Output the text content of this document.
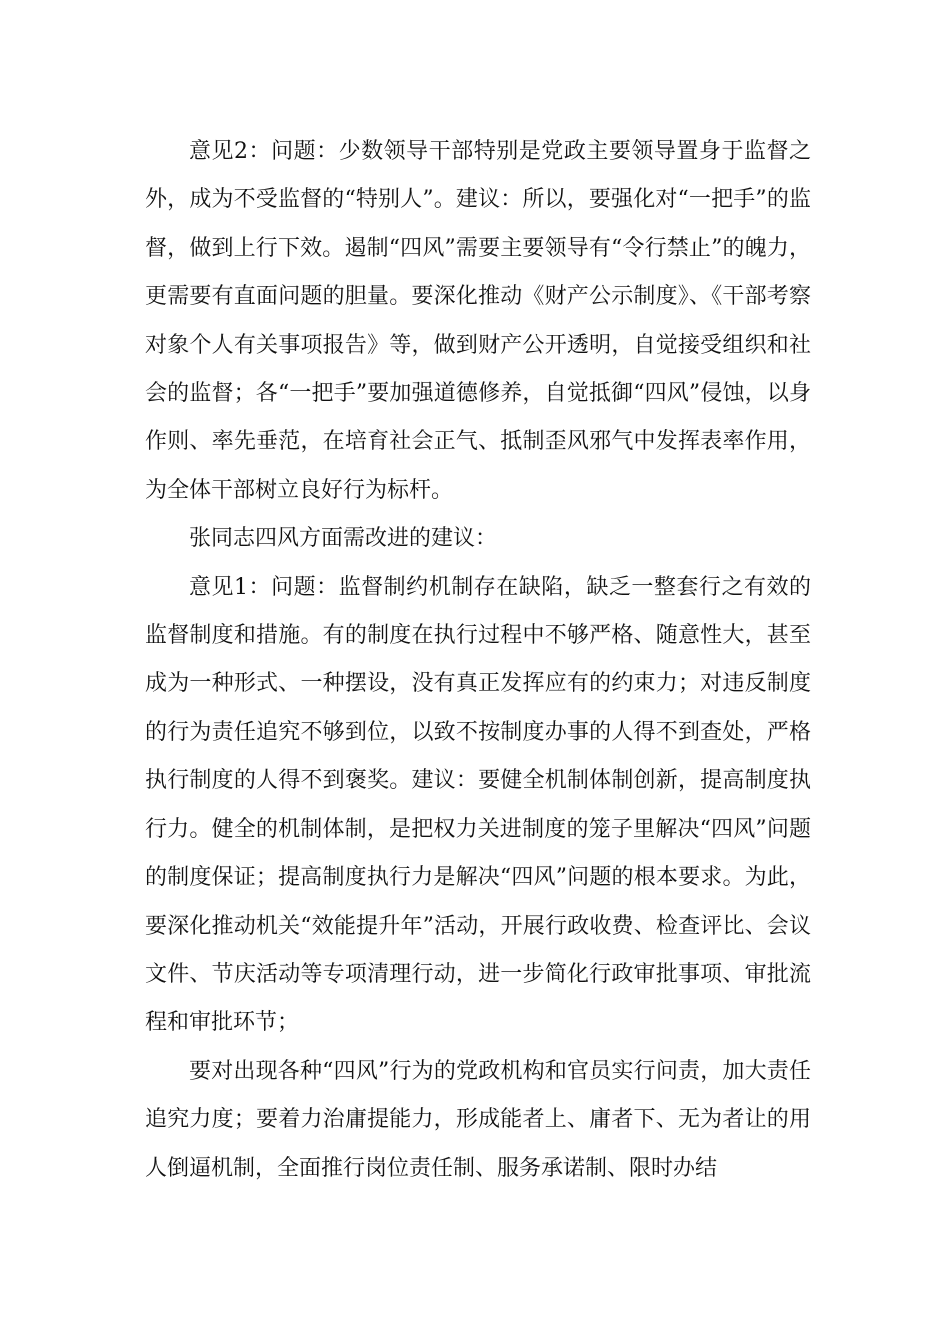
意见2：问题：少数领导干部特别是党政主要领导置身于监督之外，成为不受监督的“特别人”。建议：所以，要强化对“一把手”的监督，做到上行下效。遏制“四风”需要主要领导有“令行禁止”的魄力，更需要有直面问题的胆量。要深化推动《财产公示制度》、《干部考察对象个人有关事项报告》等，做到财产公开透明，自觉接受组织和社会的监督；各“一把手”要加强道德修养，自觉抵御“四风”侵蚀，以身作则、率先垂范，在培育社会正气、抵制歪风邪气中发挥表率作用，为全体干部树立良好行为标杆。

张同志四风方面需改进的建议：

意见1：问题：监督制约机制存在缺陷，缺乏一整套行之有效的监督制度和措施。有的制度在执行过程中不够严格、随意性大，甚至成为一种形式、一种摆设，没有真正发挥应有的约束力；对违反制度的行为责任追究不够到位，以致不按制度办事的人得不到查处，严格执行制度的人得不到褒奖。建议：要健全机制体制创新，提高制度执行力。健全的机制体制，是把权力关进制度的笼子里解决“四风”问题的制度保证；提高制度执行力是解决“四风”问题的根本要求。为此，要深化推动机关“效能提升年”活动，开展行政收费、检查评比、会议文件、节庆活动等专项清理行动，进一步简化行政审批事项、审批流程和审批环节；

要对出现各种“四风”行为的党政机构和官员实行问责，加大责任追究力度；要着力治庸提能力，形成能者上、庸者下、无为者让的用人倒逼机制，全面推行岗位责任制、服务承诺制、限时办结
